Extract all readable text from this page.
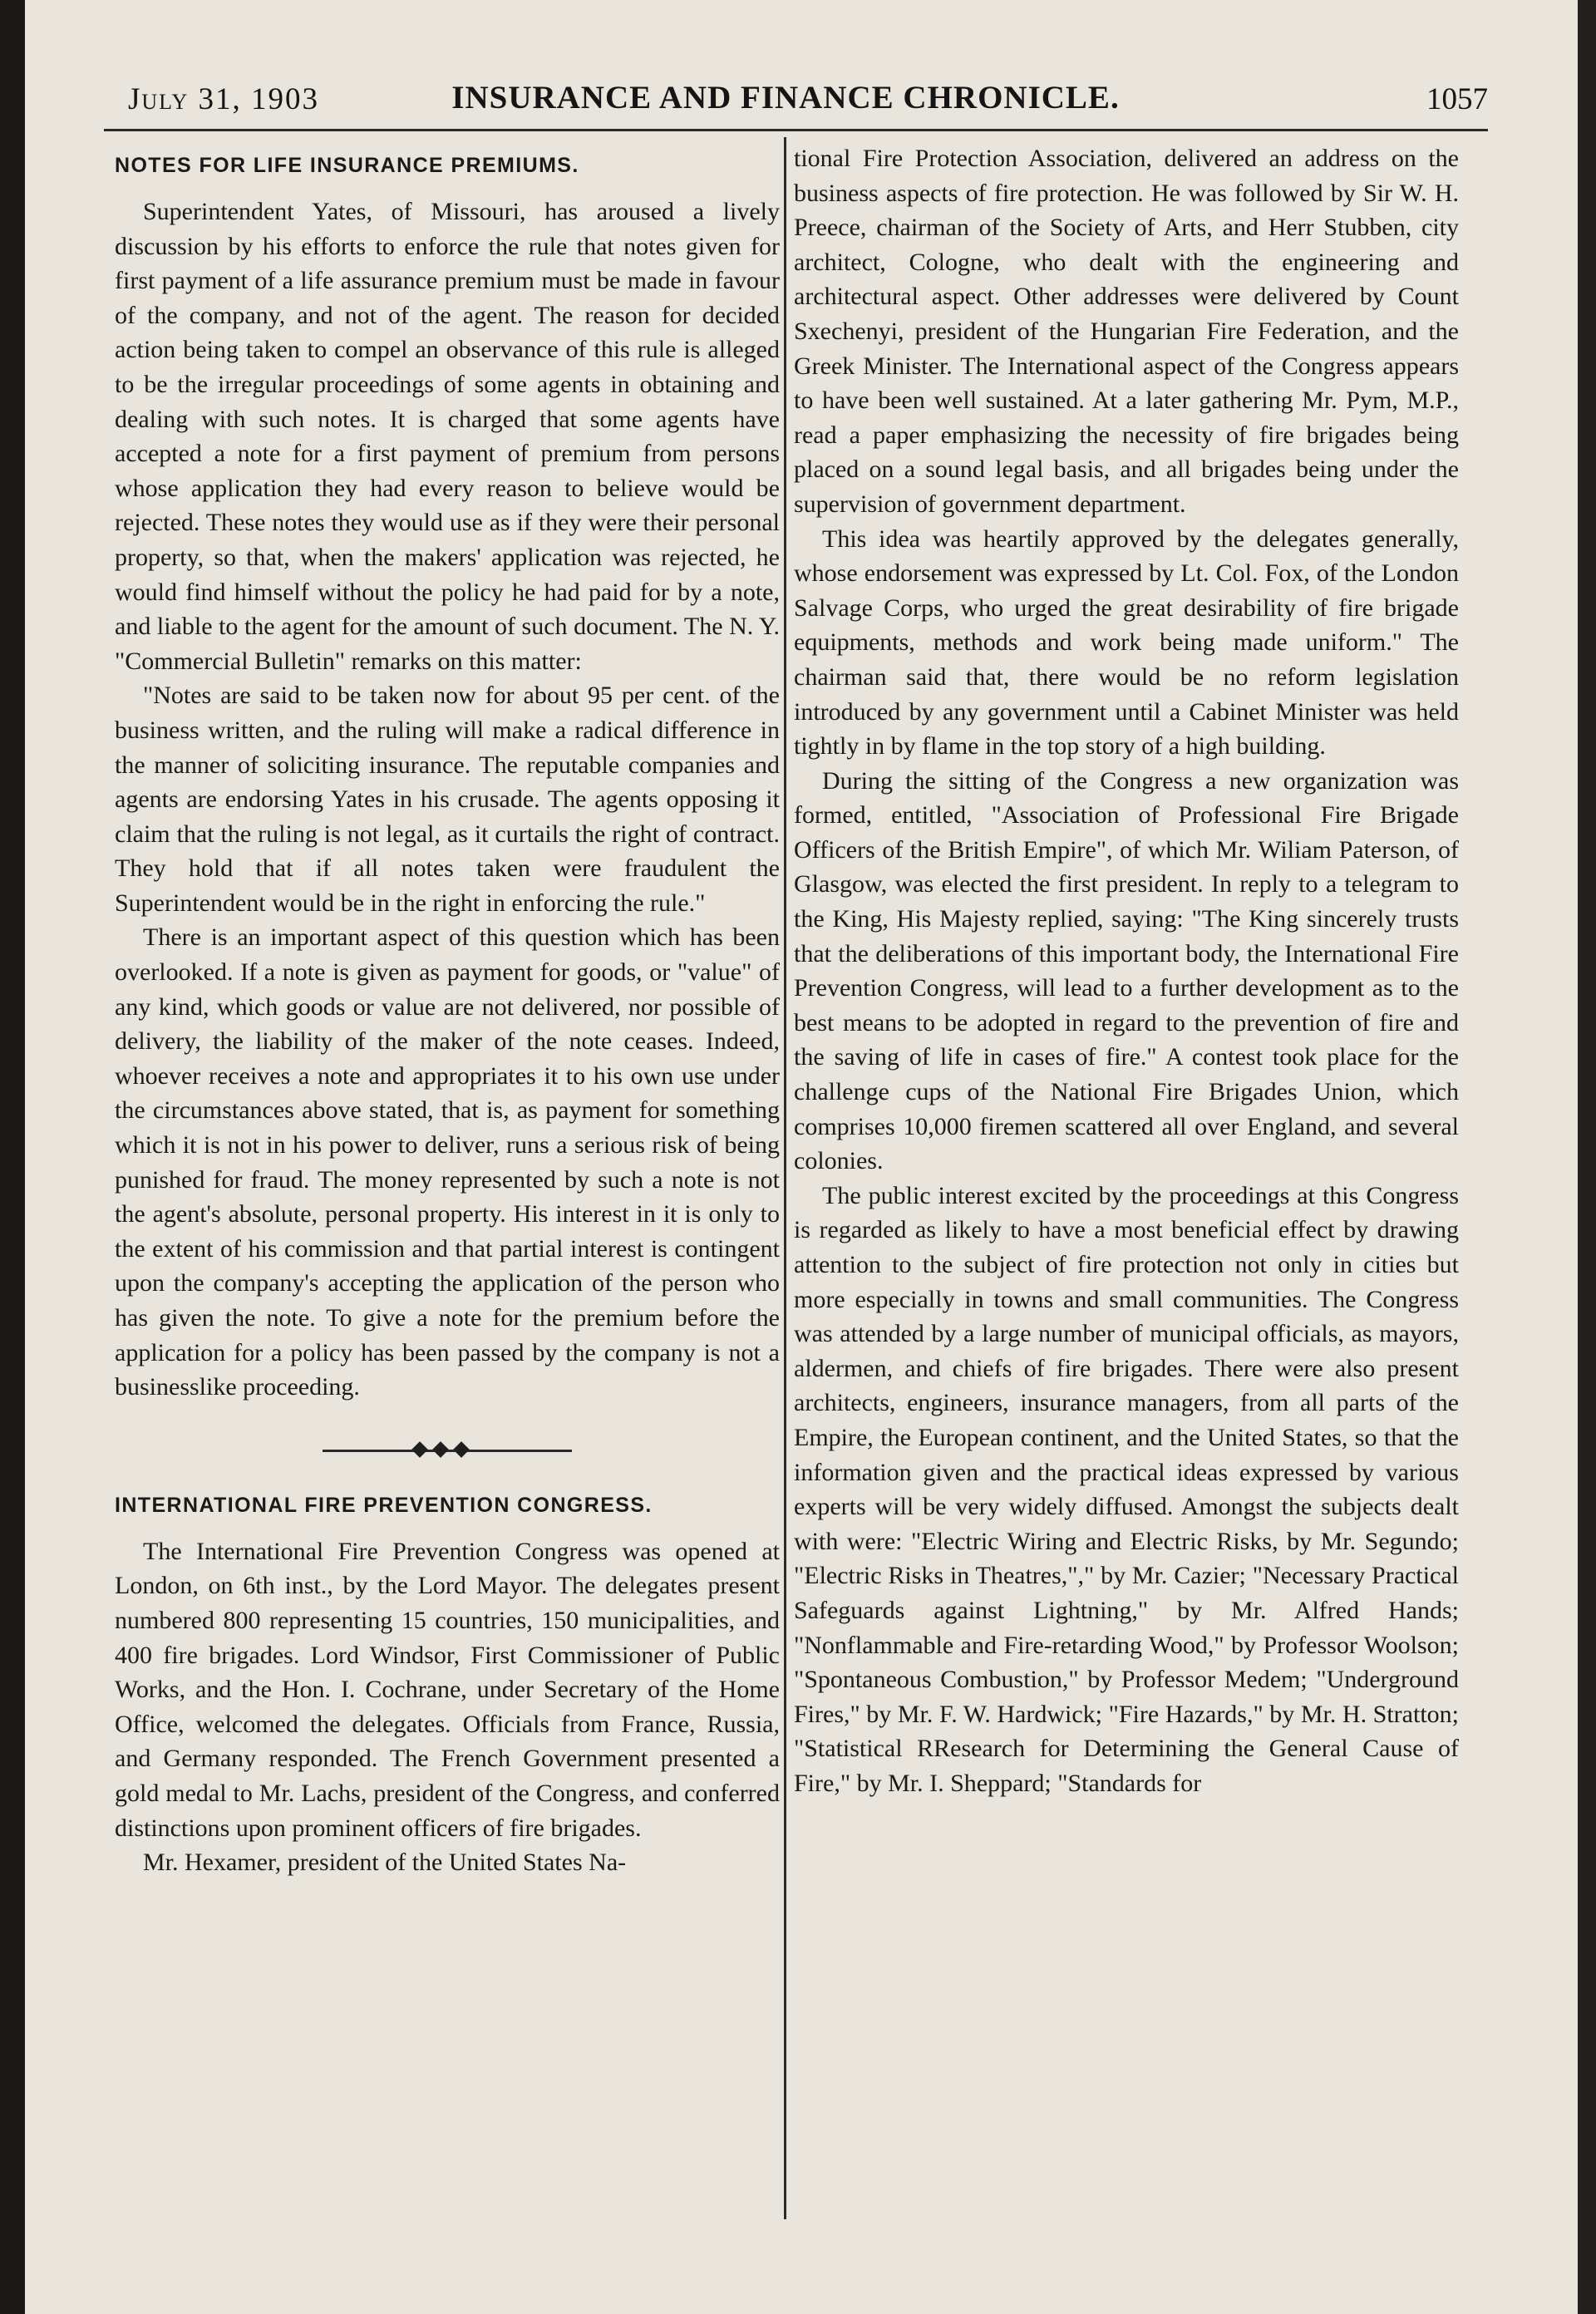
July 31, 1903	INSURANCE AND FINANCE CHRONICLE.	1057
NOTES FOR LIFE INSURANCE PREMIUMS.

Superintendent Yates, of Missouri, has aroused a lively discussion by his efforts to enforce the rule that notes given for first payment of a life assurance premium must be made in favour of the company, and not of the agent. The reason for decided action being taken to compel an observance of this rule is alleged to be the irregular proceedings of some agents in obtaining and dealing with such notes. It is charged that some agents have accepted a note for a first payment of premium from persons whose application they had every reason to believe would be rejected. These notes they would use as if they were their personal property, so that, when the makers' application was rejected, he would find himself without the policy he had paid for by a note, and liable to the agent for the amount of such document. The N. Y. "Commercial Bulletin" remarks on this matter:

"Notes are said to be taken now for about 95 per cent. of the business written, and the ruling will make a radical difference in the manner of soliciting insurance. The reputable companies and agents are endorsing Yates in his crusade. The agents opposing it claim that the ruling is not legal, as it curtails the right of contract. They hold that if all notes taken were fraudulent the Superintendent would be in the right in enforcing the rule."

There is an important aspect of this question which has been overlooked. If a note is given as payment for goods, or "value" of any kind, which goods or value are not delivered, nor possible of delivery, the liability of the maker of the note ceases. Indeed, whoever receives a note and appropriates it to his own use under the circumstances above stated, that is, as payment for something which it is not in his power to deliver, runs a serious risk of being punished for fraud. The money represented by such a note is not the agent's absolute, personal property. His interest in it is only to the extent of his commission and that partial interest is contingent upon the company's accepting the application of the person who has given the note. To give a note for the premium before the application for a policy has been passed by the company is not a businesslike proceeding.

INTERNATIONAL FIRE PREVENTION CONGRESS.

The International Fire Prevention Congress was opened at London, on 6th inst., by the Lord Mayor. The delegates present numbered 800 representing 15 countries, 150 municipalities, and 400 fire brigades. Lord Windsor, First Commissioner of Public Works, and the Hon. I. Cochrane, under Secretary of the Home Office, welcomed the delegates. Officials from France, Russia, and Germany responded. The French Government presented a gold medal to Mr. Lachs, president of the Congress, and conferred distinctions upon prominent officers of fire brigades.

Mr. Hexamer, president of the United States Na-

tional Fire Protection Association, delivered an address on the business aspects of fire protection. He was followed by Sir W. H. Preece, chairman of the Society of Arts, and Herr Stubben, city architect, Cologne, who dealt with the engineering and architectural aspect. Other addresses were delivered by Count Sxechenyi, president of the Hungarian Fire Federation, and the Greek Minister. The International aspect of the Congress appears to have been well sustained. At a later gathering Mr. Pym, M.P., read a paper emphasizing the necessity of fire brigades being placed on a sound legal basis, and all brigades being under the supervision of government department.

This idea was heartily approved by the delegates generally, whose endorsement was expressed by Lt. Col. Fox, of the London Salvage Corps, who urged the great desirability of fire brigade equipments, methods and work being made uniform." The chairman said that, there would be no reform legislation introduced by any government until a Cabinet Minister was held tightly in by flame in the top story of a high building.

During the sitting of the Congress a new organization was formed, entitled, "Association of Professional Fire Brigade Officers of the British Empire", of which Mr. Wiliam Paterson, of Glasgow, was elected the first president. In reply to a telegram to the King, His Majesty replied, saying: "The King sincerely trusts that the deliberations of this important body, the International Fire Prevention Congress, will lead to a further development as to the best means to be adopted in regard to the prevention of fire and the saving of life in cases of fire." A contest took place for the challenge cups of the National Fire Brigades Union, which comprises 10,000 firemen scattered all over England, and several colonies.

The public interest excited by the proceedings at this Congress is regarded as likely to have a most beneficial effect by drawing attention to the subject of fire protection not only in cities but more especially in towns and small communities. The Congress was attended by a large number of municipal officials, as mayors, aldermen, and chiefs of fire brigades. There were also present architects, engineers, insurance managers, from all parts of the Empire, the European continent, and the United States, so that the information given and the practical ideas expressed by various experts will be very widely diffused. Amongst the subjects dealt with were: "Electric Wiring and Electric Risks, by Mr. Segundo; "Electric Risks in Theatres,"," by Mr. Cazier; "Necessary Practical Safeguards against Lightning," by Mr. Alfred Hands; "Nonflammable and Fire-retarding Wood," by Professor Woolson; "Spontaneous Combustion," by Professor Medem; "Underground Fires," by Mr. F. W. Hardwick; "Fire Hazards," by Mr. H. Stratton; "Statistical RResearch for Determining the General Cause of Fire," by Mr. I. Sheppard; "Standards for
